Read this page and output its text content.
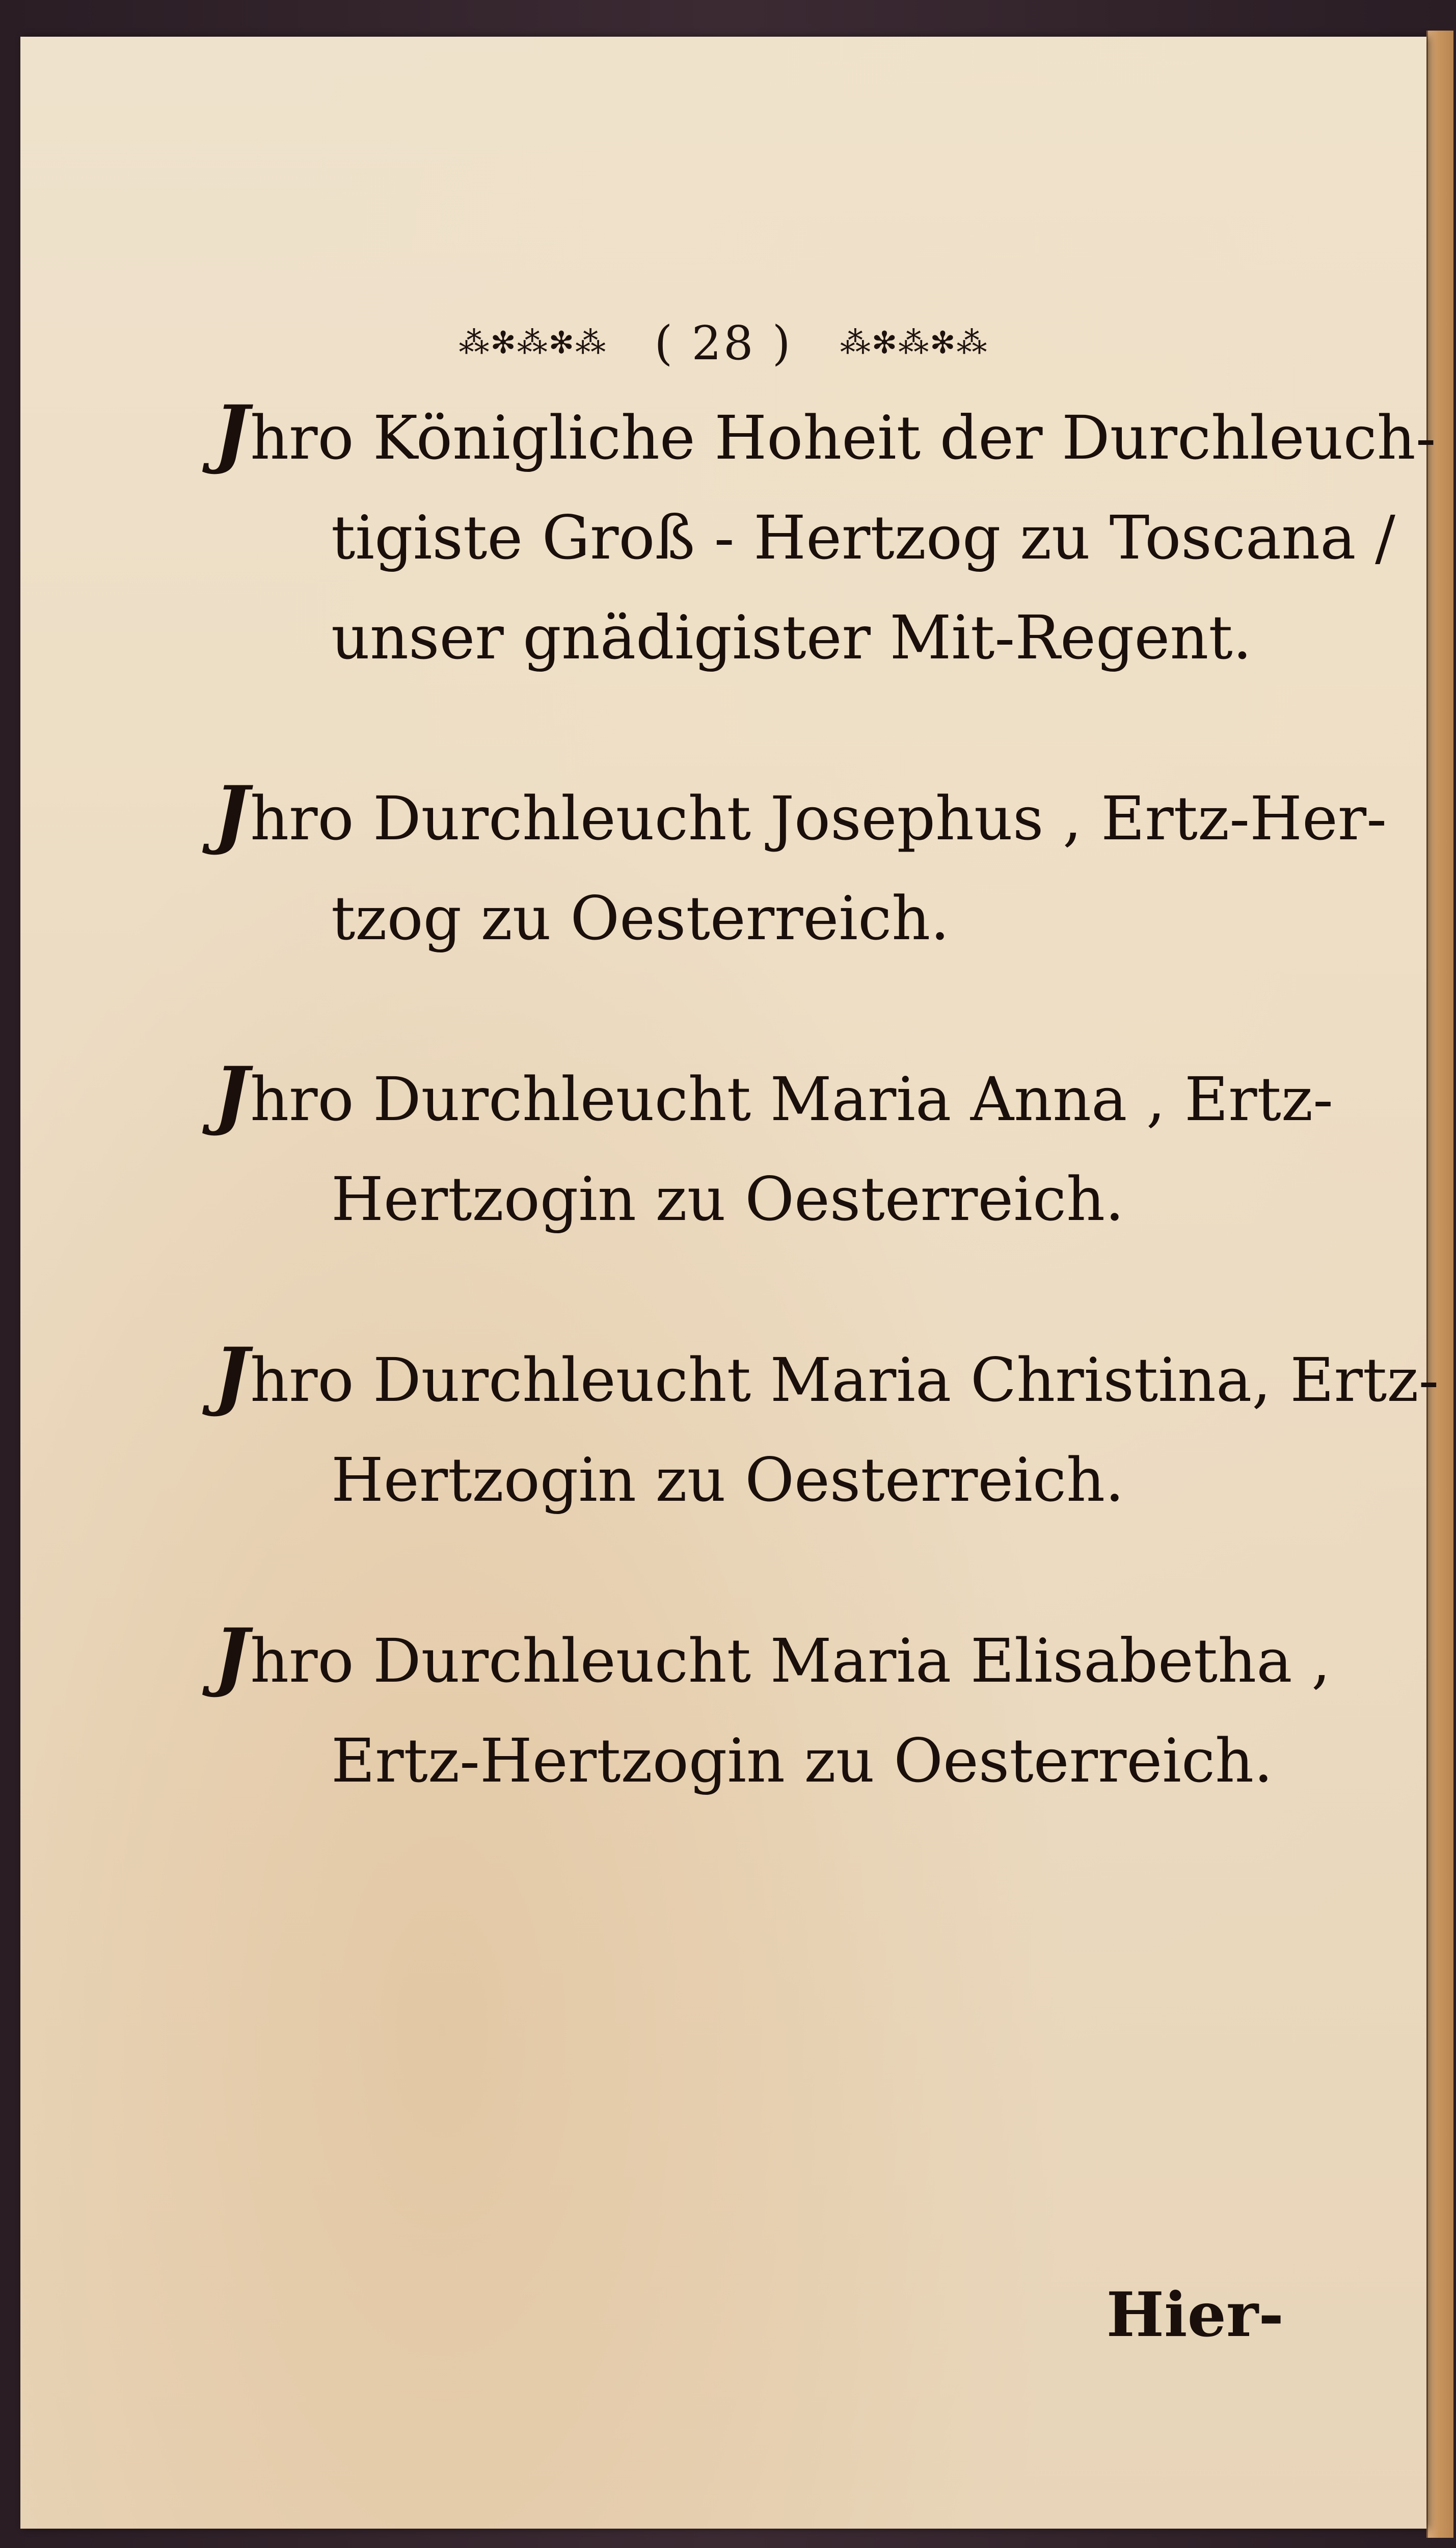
⁂✻⁂✻⁂ ( 28 ) ⁂✻⁂✻⁂
Jhro Königliche Hoheit der Durchleuch-
tigiste Groß - Hertzog zu Toscana /
unser gnädigister Mit-Regent.
Jhro Durchleucht Josephus , Ertz-Her-
tzog zu Oesterreich.
Jhro Durchleucht Maria Anna , Ertz-
Hertzogin zu Oesterreich.
Jhro Durchleucht Maria Christina, Ertz-
Hertzogin zu Oesterreich.
Jhro Durchleucht Maria Elisabetha ,
Ertz-Hertzogin zu Oesterreich.
Hier-
